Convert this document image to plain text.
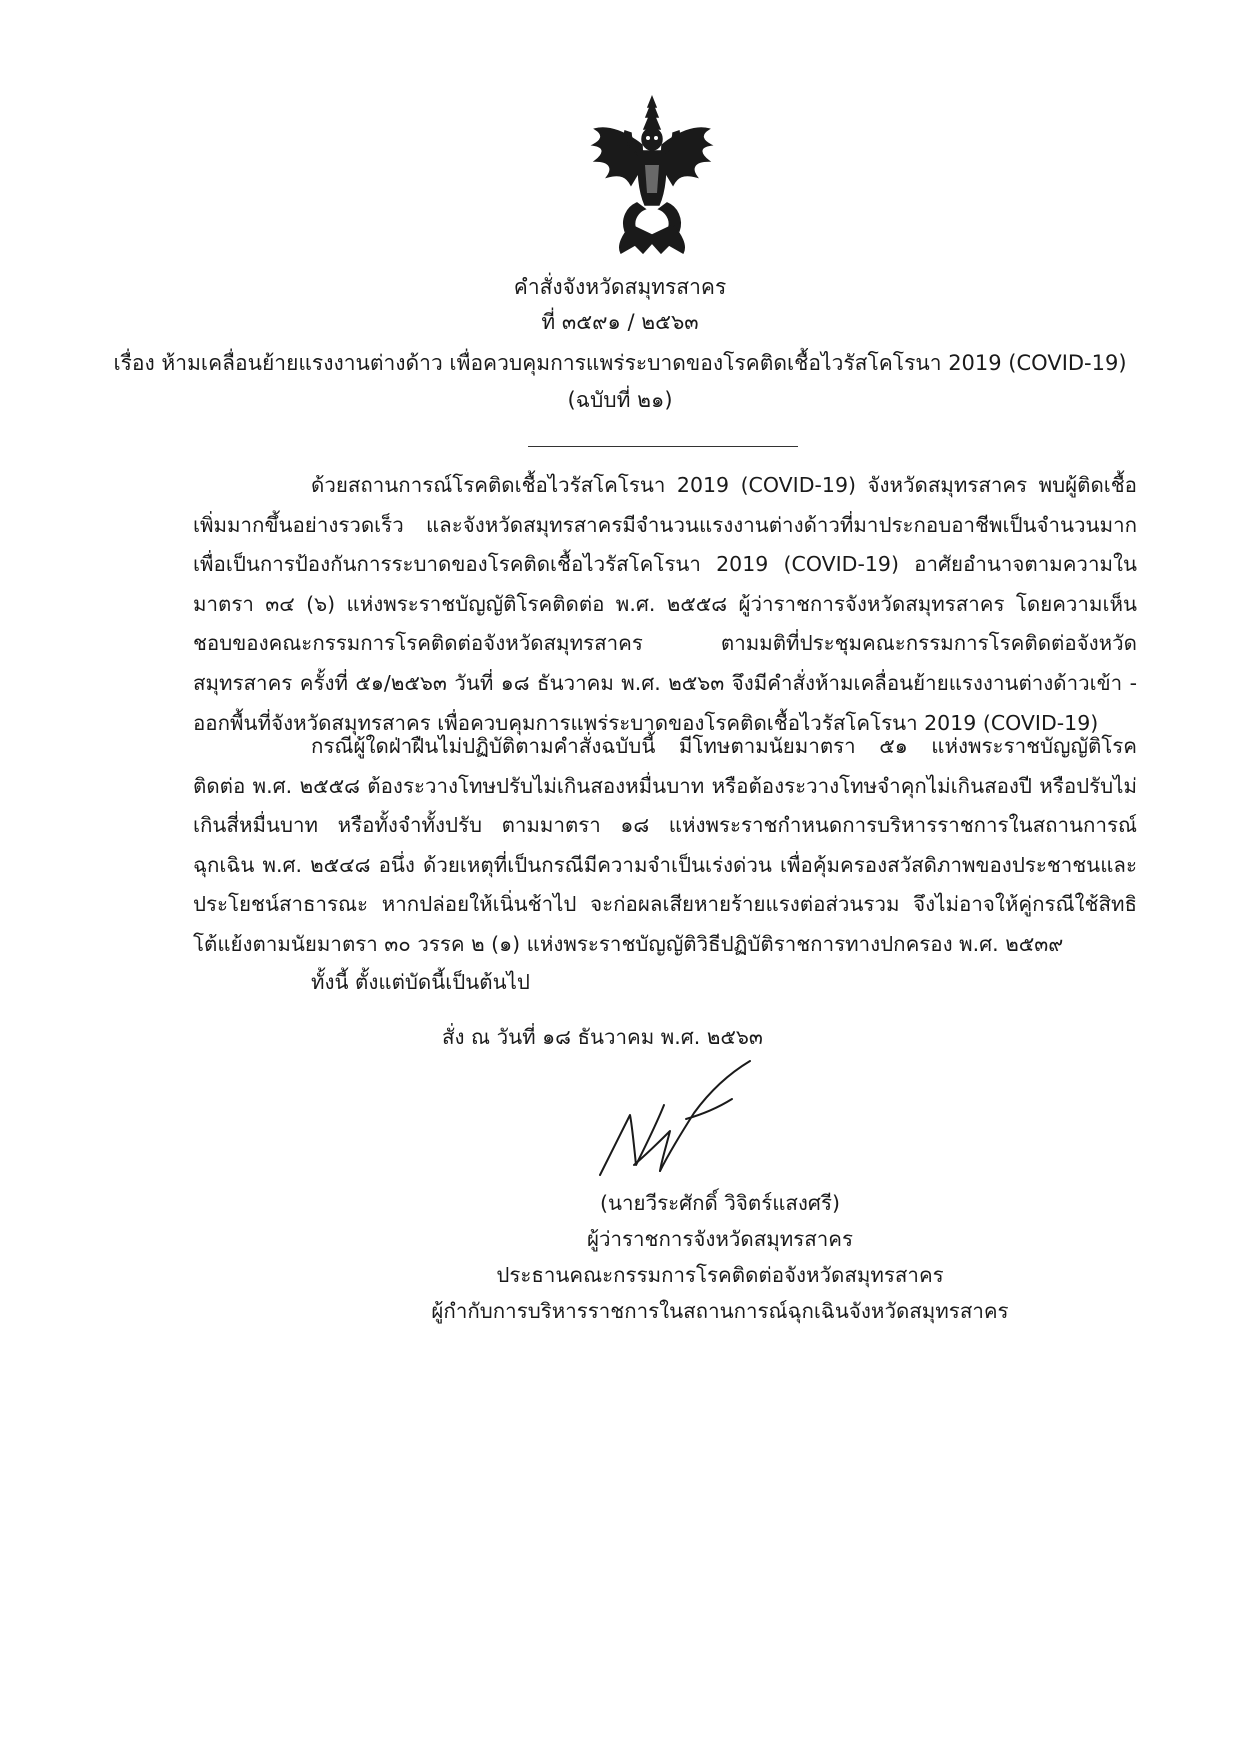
คำสั่งจังหวัดสมุทรสาคร
ที่ ๓๕๙๑ / ๒๕๖๓
เรื่อง ห้ามเคลื่อนย้ายแรงงานต่างด้าว เพื่อควบคุมการแพร่ระบาดของโรคติดเชื้อไวรัสโคโรนา 2019 (COVID-19)
(ฉบับที่ ๒๑)

ด้วยสถานการณ์โรคติดเชื้อไวรัสโคโรนา 2019 (COVID-19) จังหวัดสมุทรสาคร พบผู้ติดเชื้อเพิ่มมากขึ้นอย่างรวดเร็ว และจังหวัดสมุทรสาครมีจำนวนแรงงานต่างด้าวที่มาประกอบอาชีพเป็นจำนวนมาก เพื่อเป็นการป้องกันการระบาดของโรคติดเชื้อไวรัสโคโรนา 2019 (COVID-19) อาศัยอำนาจตามความในมาตรา ๓๔ (๖) แห่งพระราชบัญญัติโรคติดต่อ พ.ศ. ๒๕๕๘ ผู้ว่าราชการจังหวัดสมุทรสาคร โดยความเห็นชอบของคณะกรรมการโรคติดต่อจังหวัดสมุทรสาคร ตามมติที่ประชุมคณะกรรมการโรคติดต่อจังหวัดสมุทรสาคร ครั้งที่ ๕๑/๒๕๖๓ วันที่ ๑๘ ธันวาคม พ.ศ. ๒๕๖๓ จึงมีคำสั่งห้ามเคลื่อนย้ายแรงงานต่างด้าวเข้า - ออกพื้นที่จังหวัดสมุทรสาคร เพื่อควบคุมการแพร่ระบาดของโรคติดเชื้อไวรัสโคโรนา 2019 (COVID-19)

กรณีผู้ใดฝ่าฝืนไม่ปฏิบัติตามคำสั่งฉบับนี้ มีโทษตามนัยมาตรา ๕๑ แห่งพระราชบัญญัติโรคติดต่อ พ.ศ. ๒๕๕๘ ต้องระวางโทษปรับไม่เกินสองหมื่นบาท หรือต้องระวางโทษจำคุกไม่เกินสองปี หรือปรับไม่เกินสี่หมื่นบาท หรือทั้งจำทั้งปรับ ตามมาตรา ๑๘ แห่งพระราชกำหนดการบริหารราชการในสถานการณ์ฉุกเฉิน พ.ศ. ๒๕๔๘ อนึ่ง ด้วยเหตุที่เป็นกรณีมีความจำเป็นเร่งด่วน เพื่อคุ้มครองสวัสดิภาพของประชาชนและประโยชน์สาธารณะ หากปล่อยให้เนิ่นช้าไป จะก่อผลเสียหายร้ายแรงต่อส่วนรวม จึงไม่อาจให้คู่กรณีใช้สิทธิโต้แย้งตามนัยมาตรา ๓๐ วรรค ๒ (๑) แห่งพระราชบัญญัติวิธีปฏิบัติราชการทางปกครอง พ.ศ. ๒๕๓๙

ทั้งนี้ ตั้งแต่บัดนี้เป็นต้นไป

สั่ง ณ วันที่ ๑๘ ธันวาคม พ.ศ. ๒๕๖๓
(นายวีระศักดิ์ วิจิตร์แสงศรี)
ผู้ว่าราชการจังหวัดสมุทรสาคร
ประธานคณะกรรมการโรคติดต่อจังหวัดสมุทรสาคร
ผู้กำกับการบริหารราชการในสถานการณ์ฉุกเฉินจังหวัดสมุทรสาคร
